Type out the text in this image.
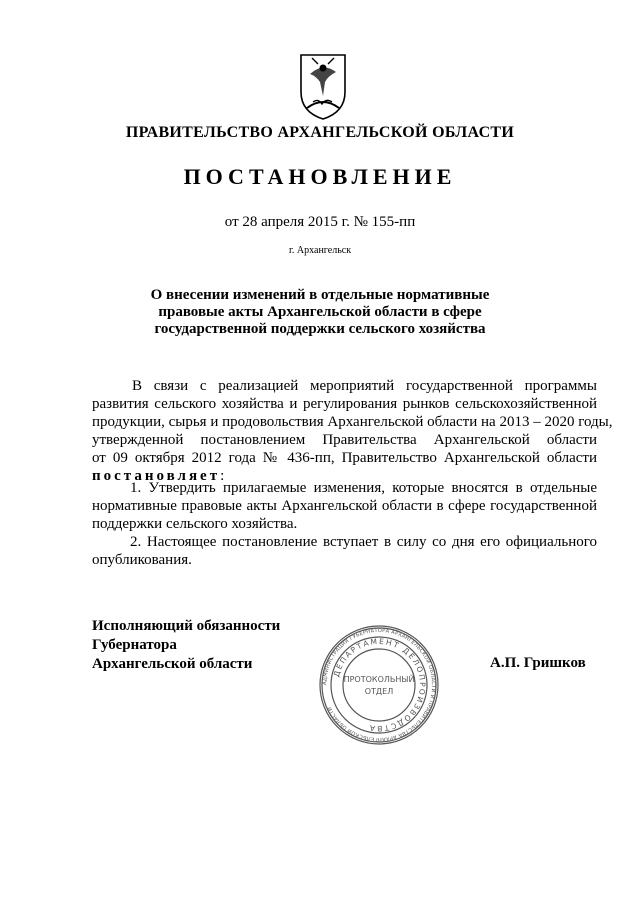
ПРАВИТЕЛЬСТВО АРХАНГЕЛЬСКОЙ ОБЛАСТИ
ПОСТАНОВЛЕНИЕ
от 28 апреля 2015 г. № 155-пп
г. Архангельск
О внесении изменений в отдельные нормативные
правовые акты Архангельской области в сфере
государственной поддержки сельского хозяйства
В связи с реализацией мероприятий государственной программы
развития сельского хозяйства и регулирования рынков сельскохозяйственной
продукции, сырья и продовольствия Архангельской области на 2013 – 2020 годы,
утвержденной постановлением Правительства Архангельской области
от 09 октября 2012 года № 436-пп, Правительство Архангельской области
постановляет:
1. Утвердить прилагаемые изменения, которые вносятся в отдельные
нормативные правовые акты Архангельской области в сфере государственной
поддержки сельского хозяйства.
2. Настоящее постановление вступает в силу со дня его официального
опубликования.
Исполняющий обязанности
Губернатора
Архангельской области	А.П. Гришков
АДМИНИСТРАЦИЯ ГУБЕРНАТОРА АРХАНГЕЛЬСКОЙ ОБЛАСТИ И ПРАВИТЕЛЬСТВА АРХАНГЕЛЬСКОЙ ОБЛАСТИ
ДЕПАРТАМЕНТ ДЕЛОПРОИЗВОДСТВА
ПРОТОКОЛЬНЫЙ
ОТДЕЛ
